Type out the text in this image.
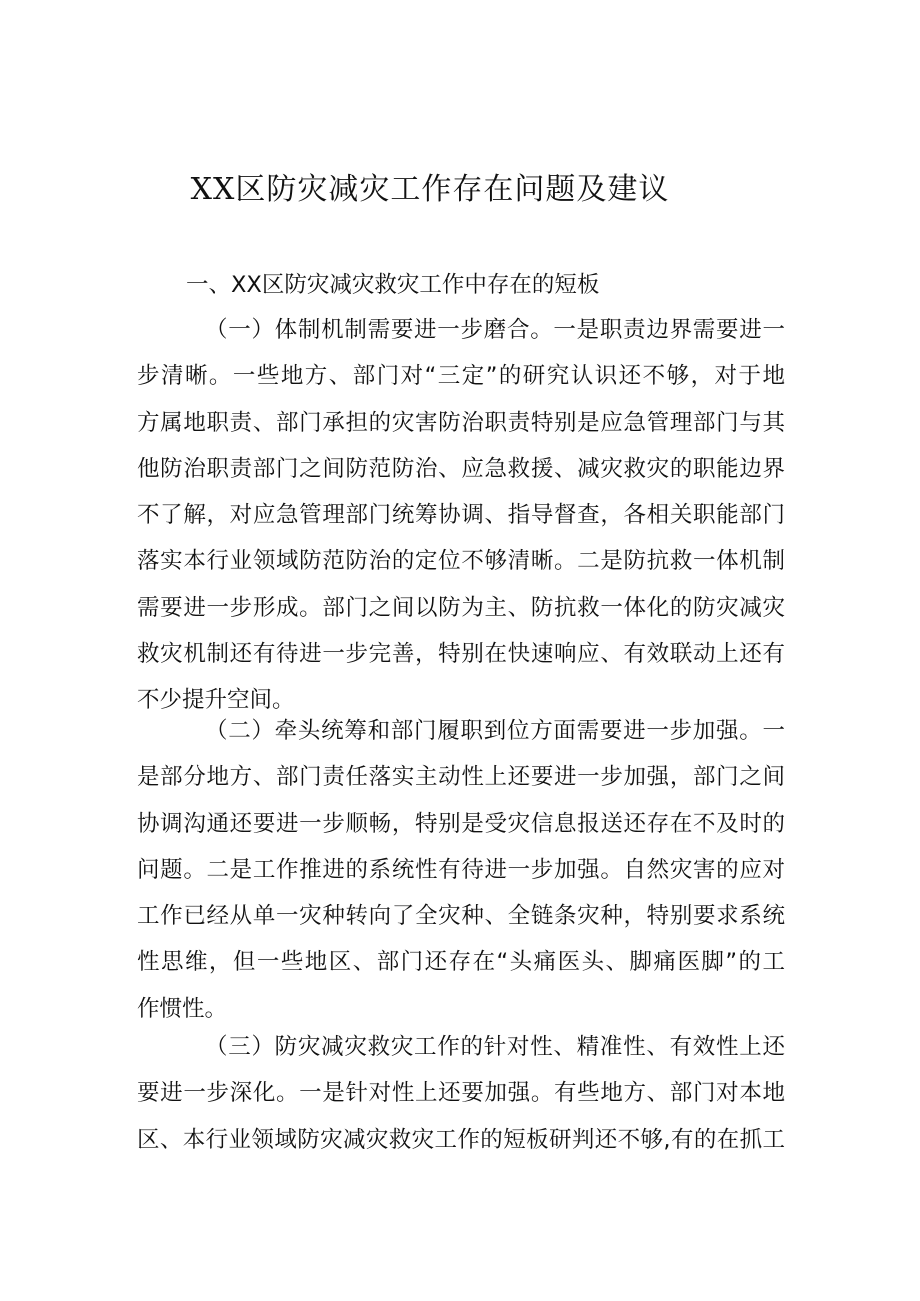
XX区防灾减灾工作存在问题及建议
一、XX区防灾减灾救灾工作中存在的短板
（一）体制机制需要进一步磨合。一是职责边界需要进一
步清晰。一些地方、部门对“三定”的研究认识还不够，对于地
方属地职责、部门承担的灾害防治职责特别是应急管理部门与其
他防治职责部门之间防范防治、应急救援、减灾救灾的职能边界
不了解，对应急管理部门统筹协调、指导督查，各相关职能部门
落实本行业领域防范防治的定位不够清晰。二是防抗救一体机制
需要进一步形成。部门之间以防为主、防抗救一体化的防灾减灾
救灾机制还有待进一步完善，特别在快速响应、有效联动上还有
不少提升空间。
（二）牵头统筹和部门履职到位方面需要进一步加强。一
是部分地方、部门责任落实主动性上还要进一步加强，部门之间
协调沟通还要进一步顺畅，特别是受灾信息报送还存在不及时的
问题。二是工作推进的系统性有待进一步加强。自然灾害的应对
工作已经从单一灾种转向了全灾种、全链条灾种，特别要求系统
性思维，但一些地区、部门还存在“头痛医头、脚痛医脚”的工
作惯性。
（三）防灾减灾救灾工作的针对性、精准性、有效性上还
要进一步深化。一是针对性上还要加强。有些地方、部门对本地
区、本行业领域防灾减灾救灾工作的短板研判还不够,有的在抓工
